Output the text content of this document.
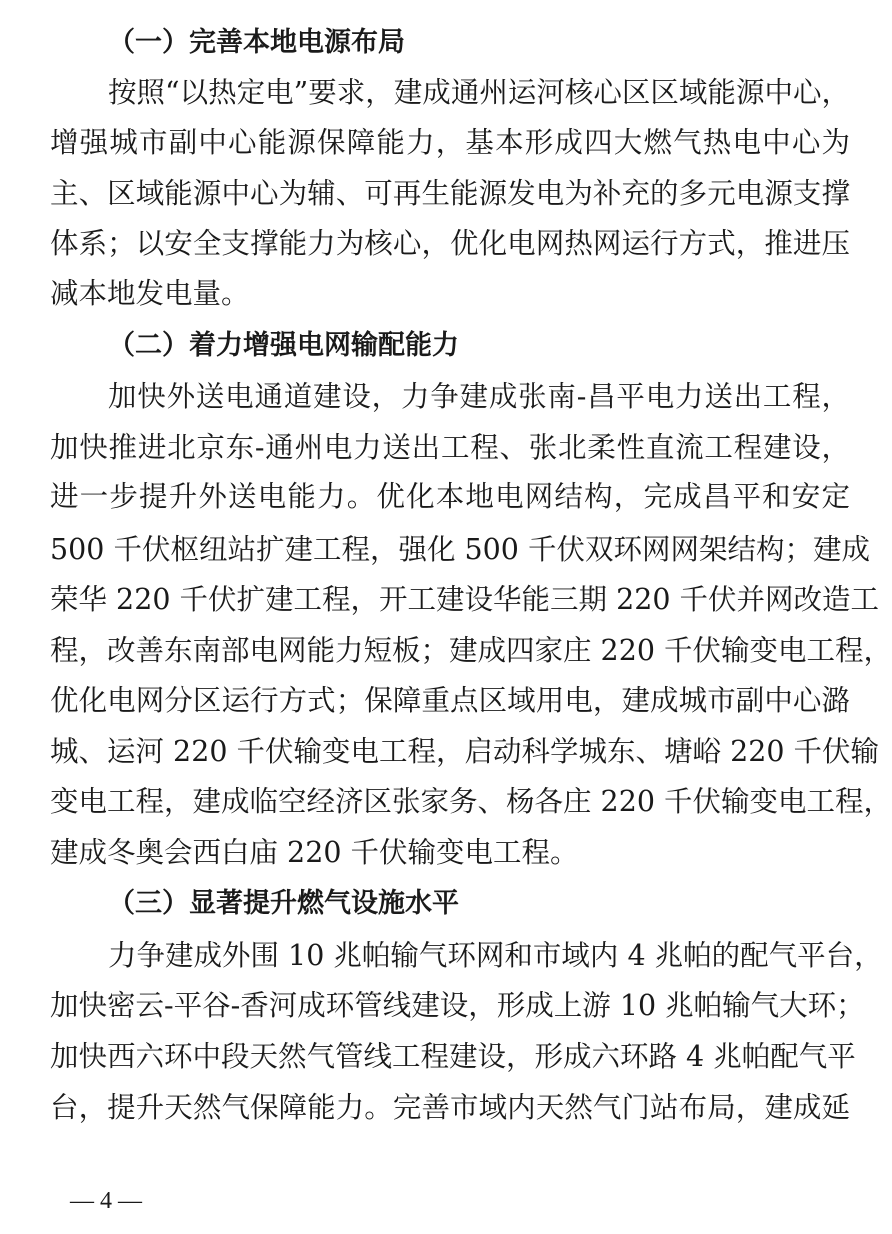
（一）完善本地电源布局
按照“以热定电”要求，建成通州运河核心区区域能源中心，
增强城市副中心能源保障能力，基本形成四大燃气热电中心为
主、区域能源中心为辅、可再生能源发电为补充的多元电源支撑
体系；以安全支撑能力为核心，优化电网热网运行方式，推进压
减本地发电量。
（二）着力增强电网输配能力
加快外送电通道建设，力争建成张南-昌平电力送出工程，
加快推进北京东-通州电力送出工程、张北柔性直流工程建设，
进一步提升外送电能力。优化本地电网结构，完成昌平和安定
500 千伏枢纽站扩建工程，强化 500 千伏双环网网架结构；建成
荣华 220 千伏扩建工程，开工建设华能三期 220 千伏并网改造工
程，改善东南部电网能力短板；建成四家庄 220 千伏输变电工程，
优化电网分区运行方式；保障重点区域用电，建成城市副中心潞
城、运河 220 千伏输变电工程，启动科学城东、塘峪 220 千伏输
变电工程，建成临空经济区张家务、杨各庄 220 千伏输变电工程，
建成冬奥会西白庙 220 千伏输变电工程。
（三）显著提升燃气设施水平
力争建成外围 10 兆帕输气环网和市域内 4 兆帕的配气平台，
加快密云-平谷-香河成环管线建设，形成上游 10 兆帕输气大环；
加快西六环中段天然气管线工程建设，形成六环路 4 兆帕配气平
台，提升天然气保障能力。完善市域内天然气门站布局，建成延
— 4 —
